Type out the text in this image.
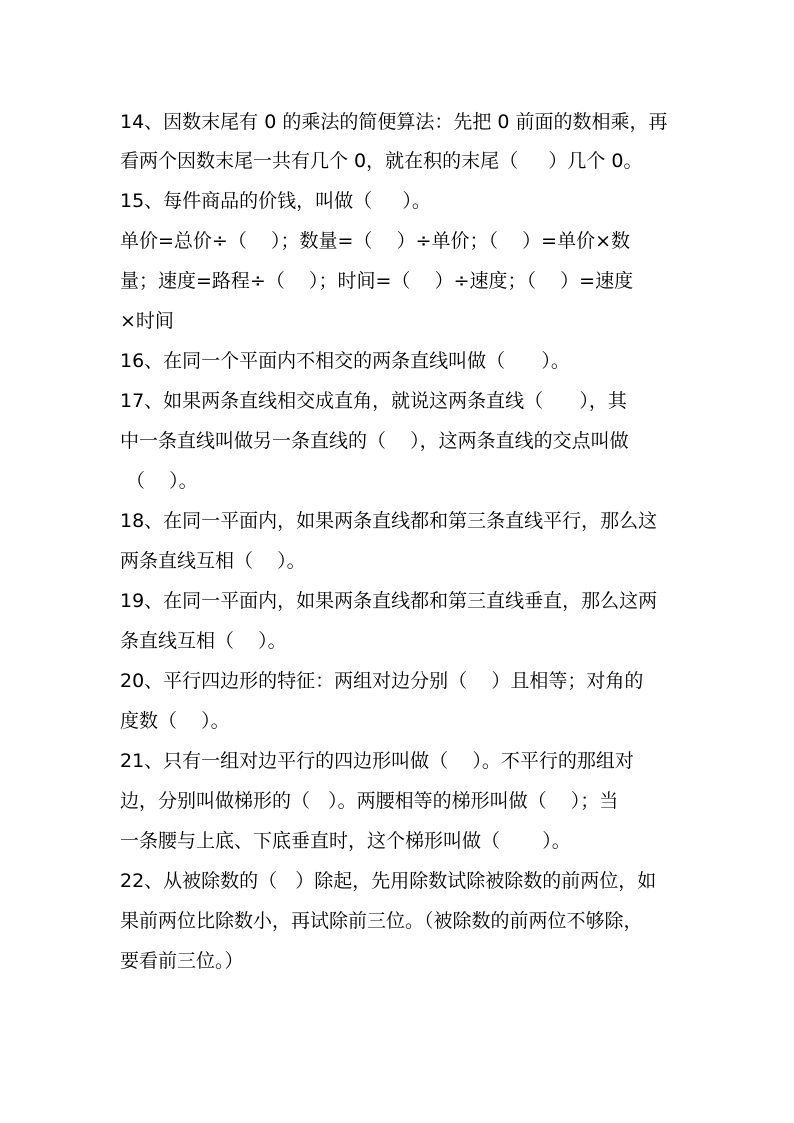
14、因数末尾有 0 的乘法的简便算法：先把 0 前面的数相乘，再
看两个因数末尾一共有几个 0，就在积的末尾（     ）几个 0。
15、每件商品的价钱，叫做（     ）。
单价=总价÷（    ）；数量=（    ）÷单价；（    ）=单价×数
量；速度=路程÷（    ）；时间=（    ）÷速度；（    ）=速度
×时间
16、在同一个平面内不相交的两条直线叫做（      ）。
17、如果两条直线相交成直角，就说这两条直线（      ），其
中一条直线叫做另一条直线的（    ），这两条直线的交点叫做
（    ）。
18、在同一平面内，如果两条直线都和第三条直线平行，那么这
两条直线互相（    ）。
19、在同一平面内，如果两条直线都和第三直线垂直，那么这两
条直线互相（    ）。
20、平行四边形的特征：两组对边分别（    ）且相等；对角的
度数（    ）。
21、只有一组对边平行的四边形叫做（    ）。不平行的那组对
边，分别叫做梯形的（   ）。两腰相等的梯形叫做（    ）；当
一条腰与上底、下底垂直时，这个梯形叫做（       ）。
22、从被除数的（   ）除起，先用除数试除被除数的前两位，如
果前两位比除数小，再试除前三位。（被除数的前两位不够除，
要看前三位。）
